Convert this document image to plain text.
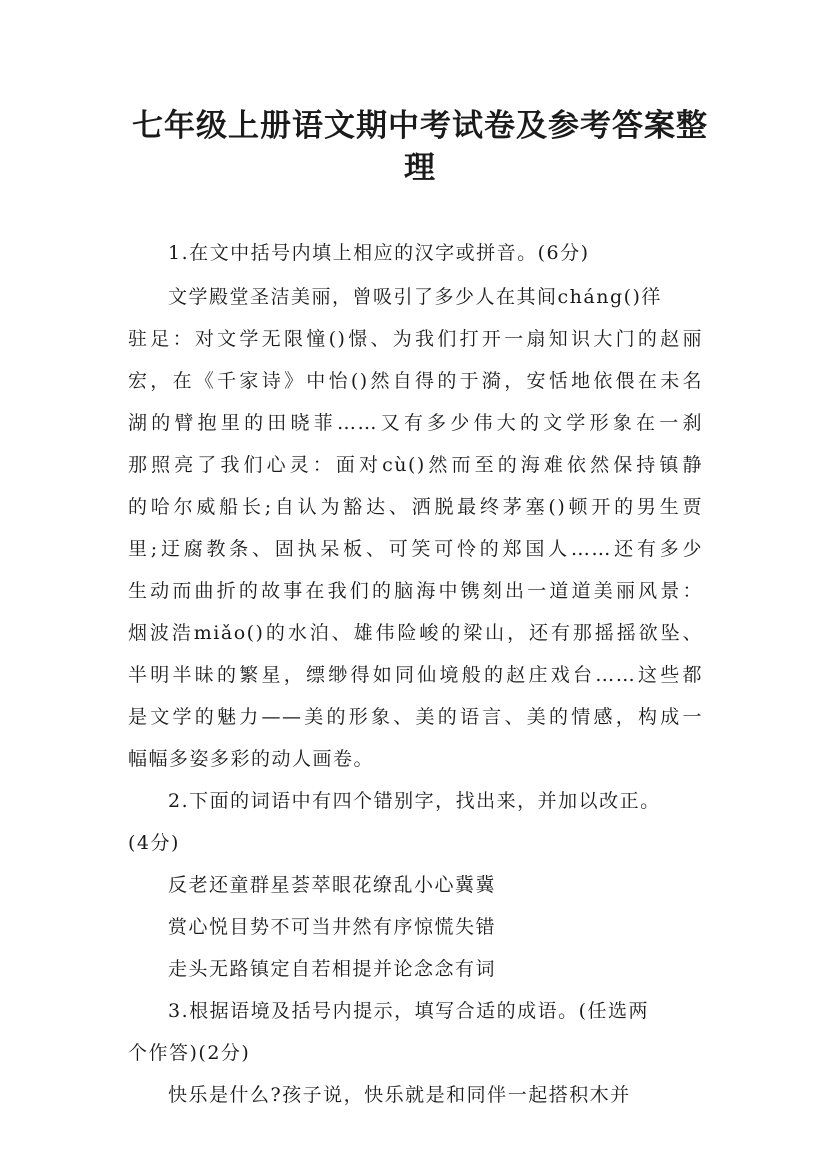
七年级上册语文期中考试卷及参考答案整
理

1.在文中括号内填上相应的汉字或拼音。(6分)

文学殿堂圣洁美丽，曾吸引了多少人在其间cháng()徉

驻足：对文学无限憧()憬、为我们打开一扇知识大门的赵丽

宏，在《千家诗》中怡()然自得的于漪，安恬地依偎在未名

湖的臂抱里的田晓菲……又有多少伟大的文学形象在一刹

那照亮了我们心灵：面对cù()然而至的海难依然保持镇静

的哈尔威船长;自认为豁达、洒脱最终茅塞()顿开的男生贾

里;迂腐教条、固执呆板、可笑可怜的郑国人……还有多少

生动而曲折的故事在我们的脑海中镌刻出一道道美丽风景：

烟波浩miǎo()的水泊、雄伟险峻的梁山，还有那摇摇欲坠、

半明半昧的繁星，缥缈得如同仙境般的赵庄戏台……这些都

是文学的魅力——美的形象、美的语言、美的情感，构成一

幅幅多姿多彩的动人画卷。

2.下面的词语中有四个错别字，找出来，并加以改正。

(4分)

反老还童群星荟萃眼花缭乱小心冀冀

赏心悦目势不可当井然有序惊慌失错

走头无路镇定自若相提并论念念有词

3.根据语境及括号内提示，填写合适的成语。(任选两

个作答)(2分)

快乐是什么?孩子说，快乐就是和同伴一起搭积木并
